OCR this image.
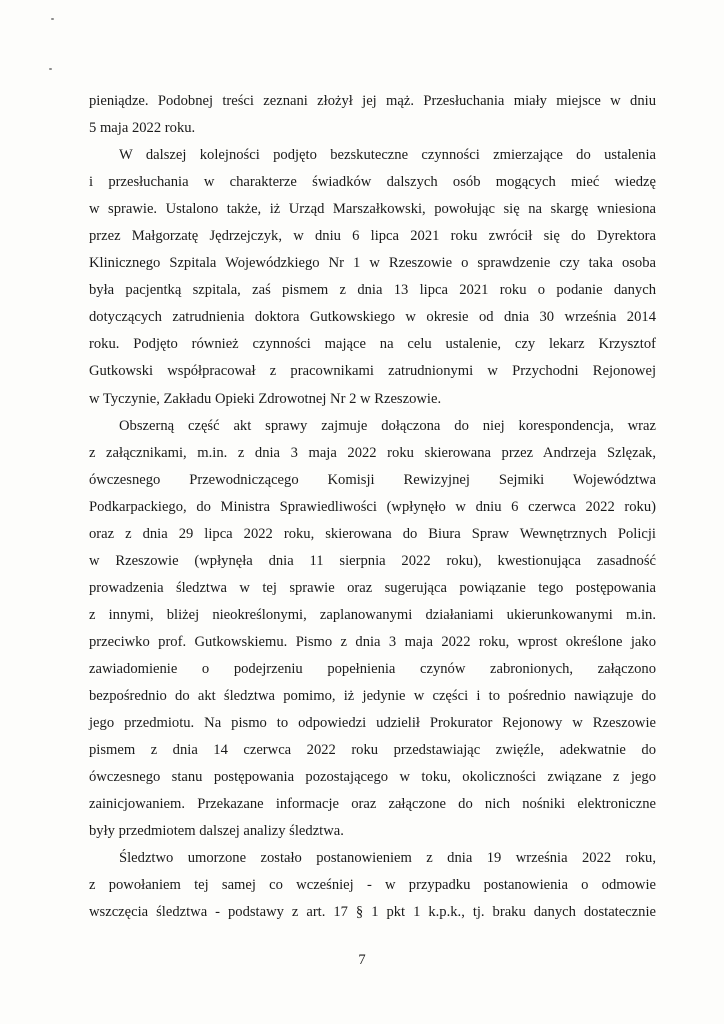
pieniądze. Podobnej treści zeznani złożył jej mąż. Przesłuchania miały miejsce w dniu
5 maja 2022 roku.
W dalszej kolejności podjęto bezskuteczne czynności zmierzające do ustalenia
i przesłuchania w charakterze świadków dalszych osób mogących mieć wiedzę
w sprawie. Ustalono także, iż Urząd Marszałkowski, powołując się na skargę wniesiona
przez Małgorzatę Jędrzejczyk, w dniu 6 lipca 2021 roku zwrócił się do Dyrektora
Klinicznego Szpitala Wojewódzkiego Nr 1 w Rzeszowie o sprawdzenie czy taka osoba
była pacjentką szpitala, zaś pismem z dnia 13 lipca 2021 roku o podanie danych
dotyczących zatrudnienia doktora Gutkowskiego w okresie od dnia 30 września 2014
roku. Podjęto również czynności mające na celu ustalenie, czy lekarz Krzysztof
Gutkowski współpracował z pracownikami zatrudnionymi w Przychodni Rejonowej
w Tyczynie, Zakładu Opieki Zdrowotnej Nr 2 w Rzeszowie.
Obszerną część akt sprawy zajmuje dołączona do niej korespondencja, wraz
z załącznikami, m.in. z dnia 3 maja 2022 roku skierowana przez Andrzeja Szlęzak,
ówczesnego Przewodniczącego Komisji Rewizyjnej Sejmiki Województwa
Podkarpackiego, do Ministra Sprawiedliwości (wpłynęło w dniu 6 czerwca 2022 roku)
oraz z dnia 29 lipca 2022 roku, skierowana do Biura Spraw Wewnętrznych Policji
w Rzeszowie (wpłynęła dnia 11 sierpnia 2022 roku), kwestionująca zasadność
prowadzenia śledztwa w tej sprawie oraz sugerująca powiązanie tego postępowania
z innymi, bliżej nieokreślonymi, zaplanowanymi działaniami ukierunkowanymi m.in.
przeciwko prof. Gutkowskiemu. Pismo z dnia 3 maja 2022 roku, wprost określone jako
zawiadomienie o podejrzeniu popełnienia czynów zabronionych, załączono
bezpośrednio do akt śledztwa pomimo, iż jedynie w części i to pośrednio nawiązuje do
jego przedmiotu. Na pismo to odpowiedzi udzielił Prokurator Rejonowy w Rzeszowie
pismem z dnia 14 czerwca 2022 roku przedstawiając zwięźle, adekwatnie do
ówczesnego stanu postępowania pozostającego w toku, okoliczności związane z jego
zainicjowaniem. Przekazane informacje oraz załączone do nich nośniki elektroniczne
były przedmiotem dalszej analizy śledztwa.
Śledztwo umorzone zostało postanowieniem z dnia 19 września 2022 roku,
z powołaniem tej samej co wcześniej - w przypadku postanowienia o odmowie
wszczęcia śledztwa - podstawy z art. 17 § 1 pkt 1 k.p.k., tj. braku danych dostatecznie
7
